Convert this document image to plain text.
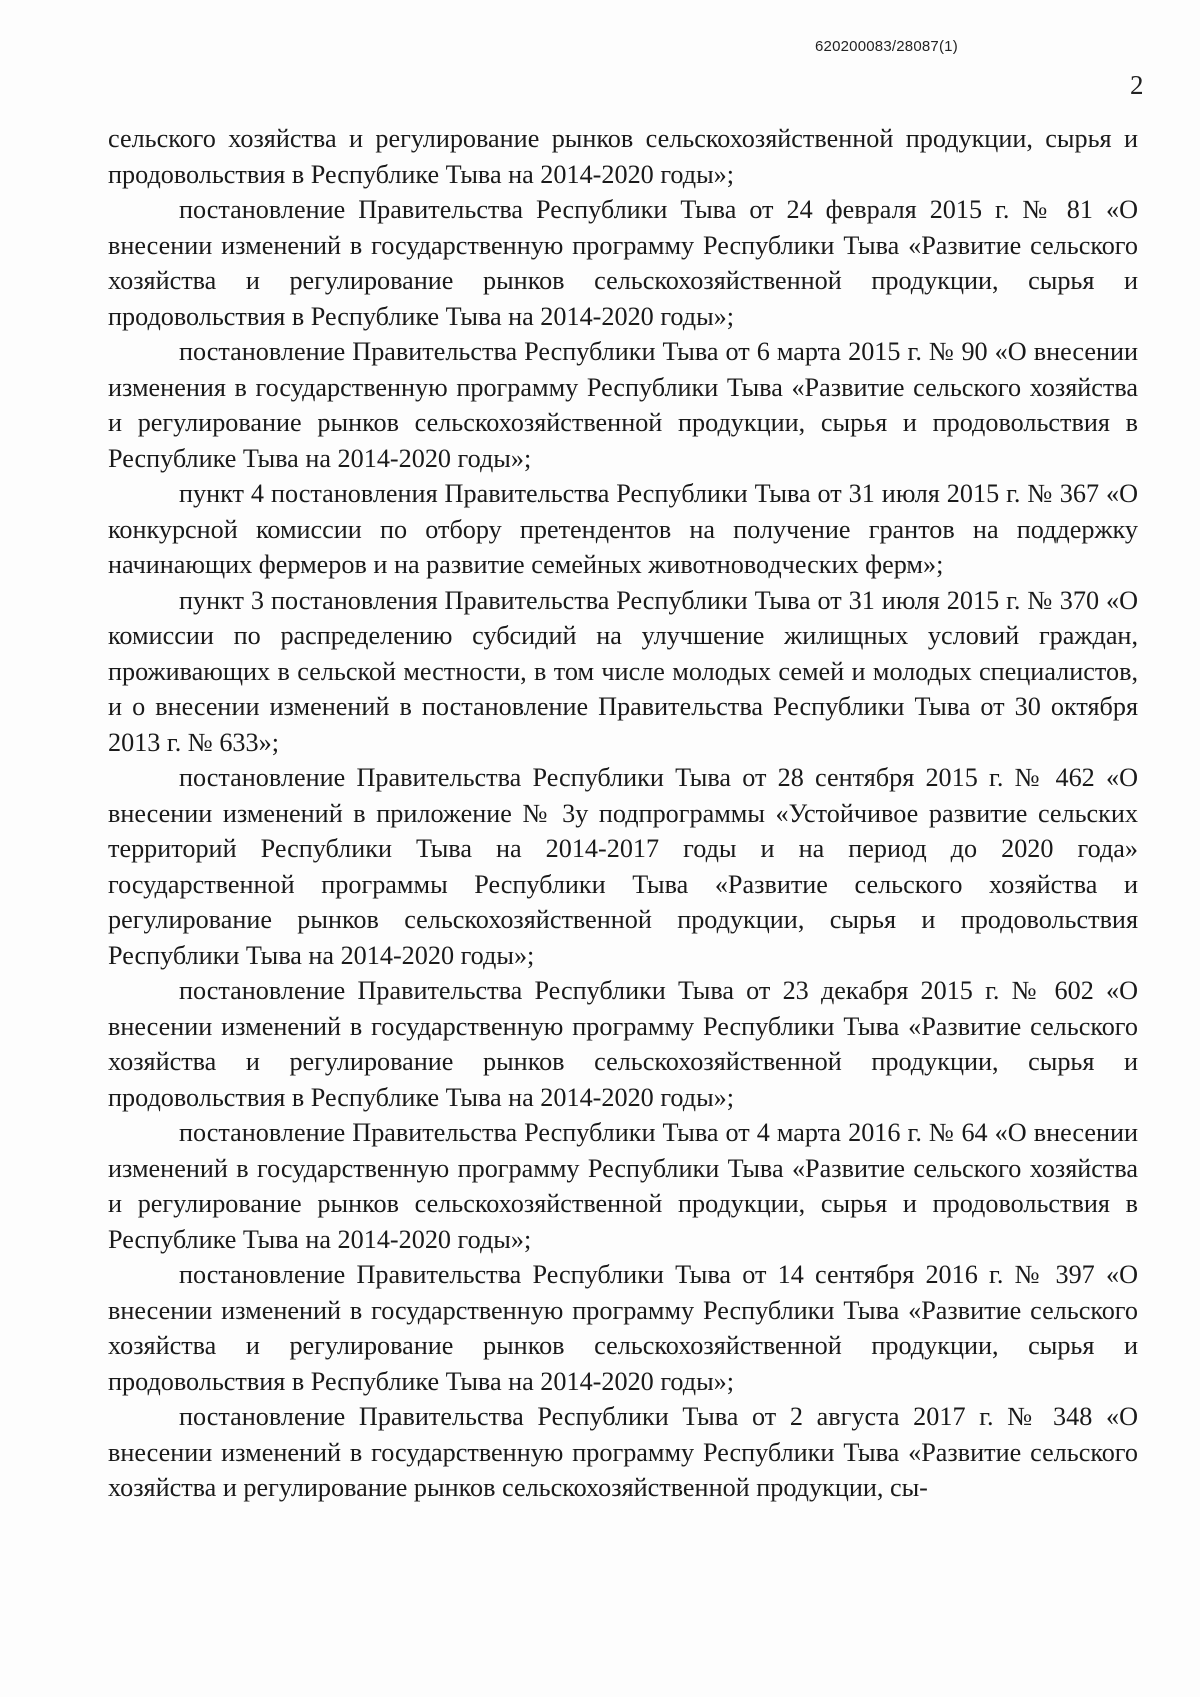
620200083/28087(1)
2

сельского хозяйства и регулирование рынков сельскохозяйственной продукции, сырья и продовольствия в Республике Тыва на 2014-2020 годы»;

постановление Правительства Республики Тыва от 24 февраля 2015 г. № 81 «О внесении изменений в государственную программу Республики Тыва «Развитие сельского хозяйства и регулирование рынков сельскохозяйственной продукции, сырья и продовольствия в Республике Тыва на 2014-2020 годы»;

постановление Правительства Республики Тыва от 6 марта 2015 г. № 90 «О внесении изменения в государственную программу Республики Тыва «Развитие сельского хозяйства и регулирование рынков сельскохозяйственной продукции, сырья и продовольствия в Республике Тыва на 2014-2020 годы»;

пункт 4 постановления Правительства Республики Тыва от 31 июля 2015 г. № 367 «О конкурсной комиссии по отбору претендентов на получение грантов на поддержку начинающих фермеров и на развитие семейных животноводческих ферм»;

пункт 3 постановления Правительства Республики Тыва от 31 июля 2015 г. № 370 «О комиссии по распределению субсидий на улучшение жилищных условий граждан, проживающих в сельской местности, в том числе молодых семей и молодых специалистов, и о внесении изменений в постановление Правительства Республики Тыва от 30 октября 2013 г. № 633»;

постановление Правительства Республики Тыва от 28 сентября 2015 г. № 462 «О внесении изменений в приложение № 3у подпрограммы «Устойчивое развитие сельских территорий Республики Тыва на 2014-2017 годы и на период до 2020 года» государственной программы Республики Тыва «Развитие сельского хозяйства и регулирование рынков сельскохозяйственной продукции, сырья и продовольствия Республики Тыва на 2014-2020 годы»;

постановление Правительства Республики Тыва от 23 декабря 2015 г. № 602 «О внесении изменений в государственную программу Республики Тыва «Развитие сельского хозяйства и регулирование рынков сельскохозяйственной продукции, сырья и продовольствия в Республике Тыва на 2014-2020 годы»;

постановление Правительства Республики Тыва от 4 марта 2016 г. № 64 «О внесении изменений в государственную программу Республики Тыва «Развитие сельского хозяйства и регулирование рынков сельскохозяйственной продукции, сырья и продовольствия в Республике Тыва на 2014-2020 годы»;

постановление Правительства Республики Тыва от 14 сентября 2016 г. № 397 «О внесении изменений в государственную программу Республики Тыва «Развитие сельского хозяйства и регулирование рынков сельскохозяйственной продукции, сырья и продовольствия в Республике Тыва на 2014-2020 годы»;

постановление Правительства Республики Тыва от 2 августа 2017 г. № 348 «О внесении изменений в государственную программу Республики Тыва «Развитие сельского хозяйства и регулирование рынков сельскохозяйственной продукции, сы-
